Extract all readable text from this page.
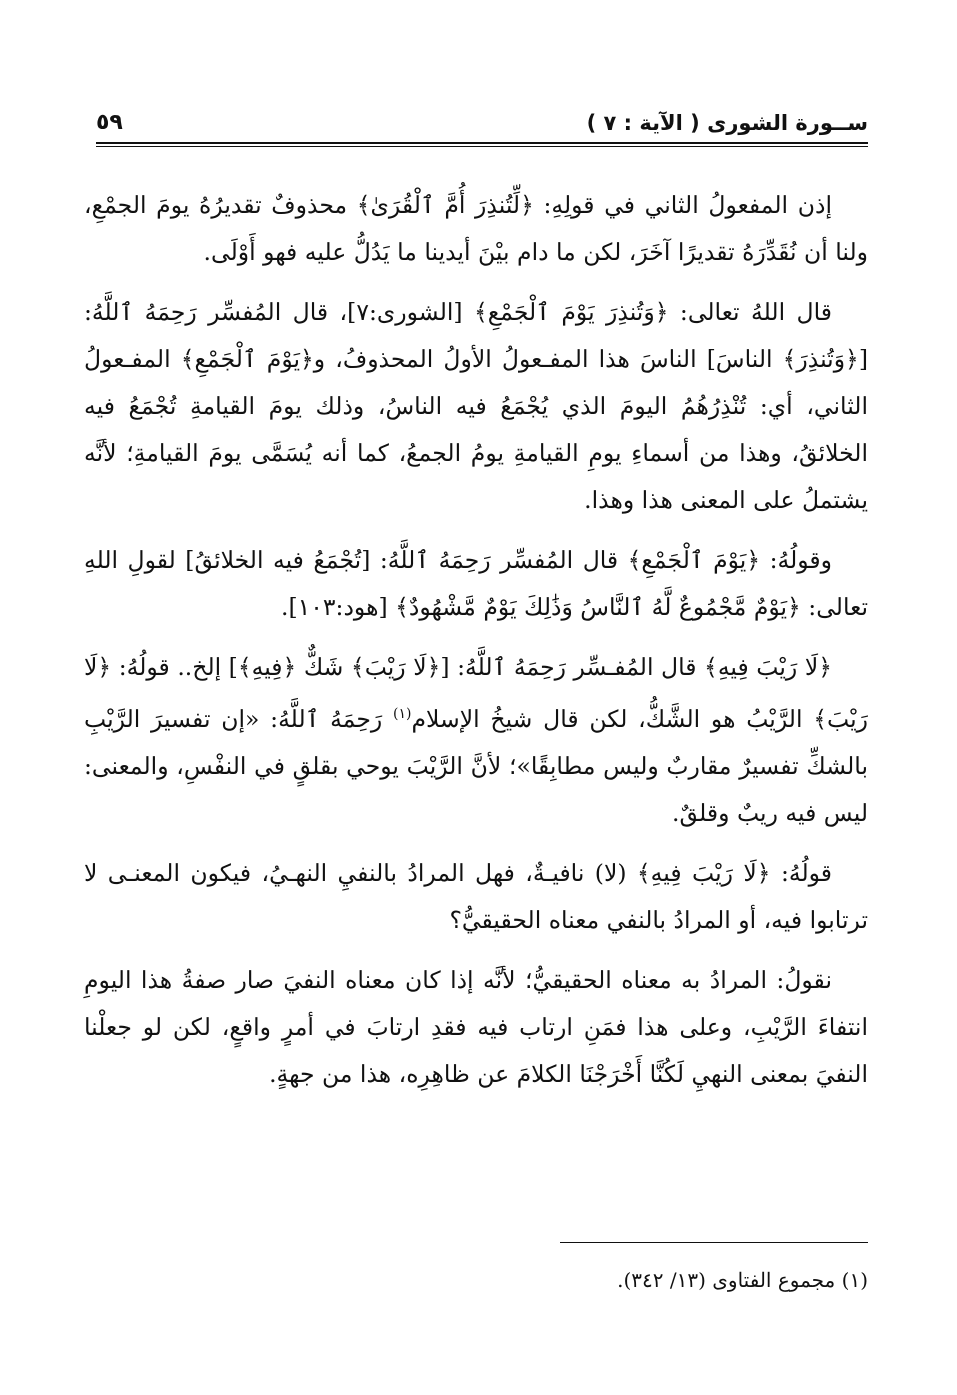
ســورة الشورى ( الآية : ٧ )
٥٩

إذن المفعولُ الثاني في قولِهِ: ﴿لِّتُنذِرَ أُمَّ ٱلْقُرَىٰ﴾ محذوفٌ تقديرُهُ يومَ الجمْعِ، ولنا أن نُقَدِّرَهُ تقديرًا آخَرَ، لكن ما دام بيْنَ أيدينا ما يَدُلُّ عليه فهو أَوْلَى.

قال اللهُ تعالى: ﴿وَتُنذِرَ يَوْمَ ٱلْجَمْعِ﴾ [الشورى:٧]، قال المُفسِّر رَحِمَهُ ٱللَّهُ: [﴿وَتُنذِرَ﴾ الناسَ] الناسَ هذا المفـعولُ الأولُ المحذوفُ، و﴿يَوْمَ ٱلْجَمْعِ﴾ المفـعولُ الثاني، أي: تُنْذِرُهُمُ اليومَ الذي يُجْمَعُ فيه الناسُ، وذلك يومَ القيامةِ تُجْمَعُ فيه الخلائقُ، وهذا من أسماءِ يومِ القيامةِ يومُ الجمعُ، كما أنه يُسَمَّى يومَ القيامةِ؛ لأنَّه يشتملُ على المعنى هذا وهذا.

وقولُهُ: ﴿يَوْمَ ٱلْجَمْعِ﴾ قال المُفسِّر رَحِمَهُ ٱللَّهُ: [تُجْمَعُ فيه الخلائقُ] لقولِ اللهِ تعالى: ﴿يَوْمٌ مَّجْمُوعٌ لَّهُ ٱلنَّاسُ وَذَٰلِكَ يَوْمٌ مَّشْهُودٌ﴾ [هود:١٠٣].

﴿لَا رَيْبَ فِيهِ﴾ قال المُفـسِّر رَحِمَهُ ٱللَّهُ: [﴿لَا رَيْبَ﴾ شَكٌّ ﴿فِيهِ﴾] إلخ.. قولُهُ: ﴿لَا رَيْبَ﴾ الرَّيْبُ هو الشَّكُّ، لكن قال شيخُ الإسلام$^{(١)}$ رَحِمَهُ ٱللَّهُ: «إن تفسيرَ الرَّيْبِ بالشكِّ تفسيرٌ مقاربٌ وليس مطابِقًا»؛ لأنَّ الرَّيْبَ يوحي بقلقٍ في النفْسِ، والمعنى: ليس فيه ريبٌ وقلقٌ.

قولُهُ: ﴿لَا رَيْبَ فِيهِ﴾ (لا) نافيـةٌ، فهل المرادُ بالنفيِ النهـيُ، فيكون المعنـى لا ترتابوا فيه، أو المرادُ بالنفي معناه الحقيقيُّ؟

نقولُ: المرادُ به معناه الحقيقيُّ؛ لأنَّه إذا كان معناه النفيَ صار صفةُ هذا اليومِ انتفاءَ الرَّيْبِ، وعلى هذا فمَنِ ارتاب فيه فقدِ ارتابَ في أمرٍ واقعٍ، لكن لو جعلْنا النفيَ بمعنى النهيِ لَكُنَّا أَخْرَجْنَا الكلامَ عن ظاهِرِه، هذا من جهةٍ.

(١) مجموع الفتاوى (١٣/ ٣٤٢).
